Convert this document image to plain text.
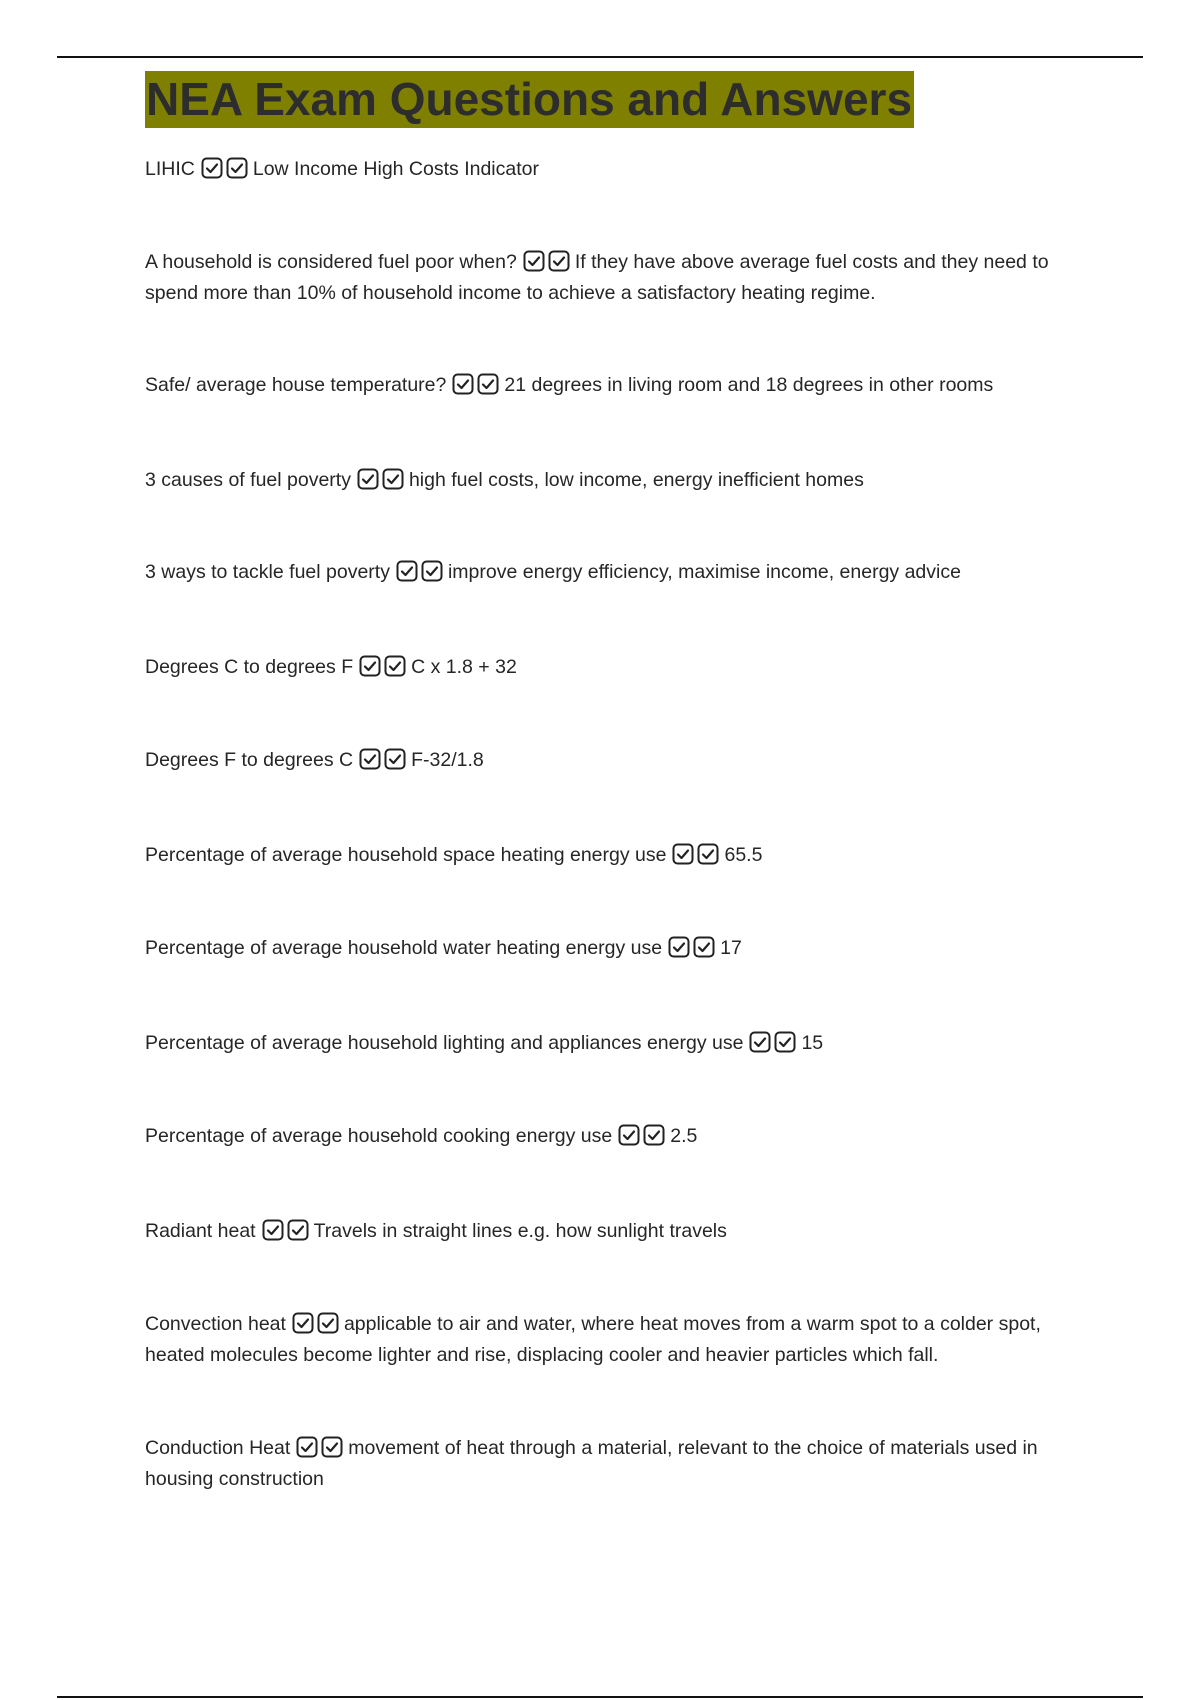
NEA Exam Questions and Answers
LIHIC	Low Income High Costs Indicator
A household is considered fuel poor when?	If they have above average fuel costs and they need to spend more than 10% of household income to achieve a satisfactory heating regime.
Safe/ average house temperature?	21 degrees in living room and 18 degrees in other rooms
3 causes of fuel poverty	high fuel costs, low income, energy inefficient homes
3 ways to tackle fuel poverty	improve energy efficiency, maximise income, energy advice
Degrees C to degrees F	C x 1.8 + 32
Degrees F to degrees C	F-32/1.8
Percentage of average household space heating energy use	65.5
Percentage of average household water heating energy use	17
Percentage of average household lighting and appliances energy use	15
Percentage of average household cooking energy use	2.5
Radiant heat	Travels in straight lines e.g. how sunlight travels
Convection heat	applicable to air and water, where heat moves from a warm spot to a colder spot, heated molecules become lighter and rise, displacing cooler and heavier particles which fall.
Conduction Heat	movement of heat through a material, relevant to the choice of materials used in housing construction
